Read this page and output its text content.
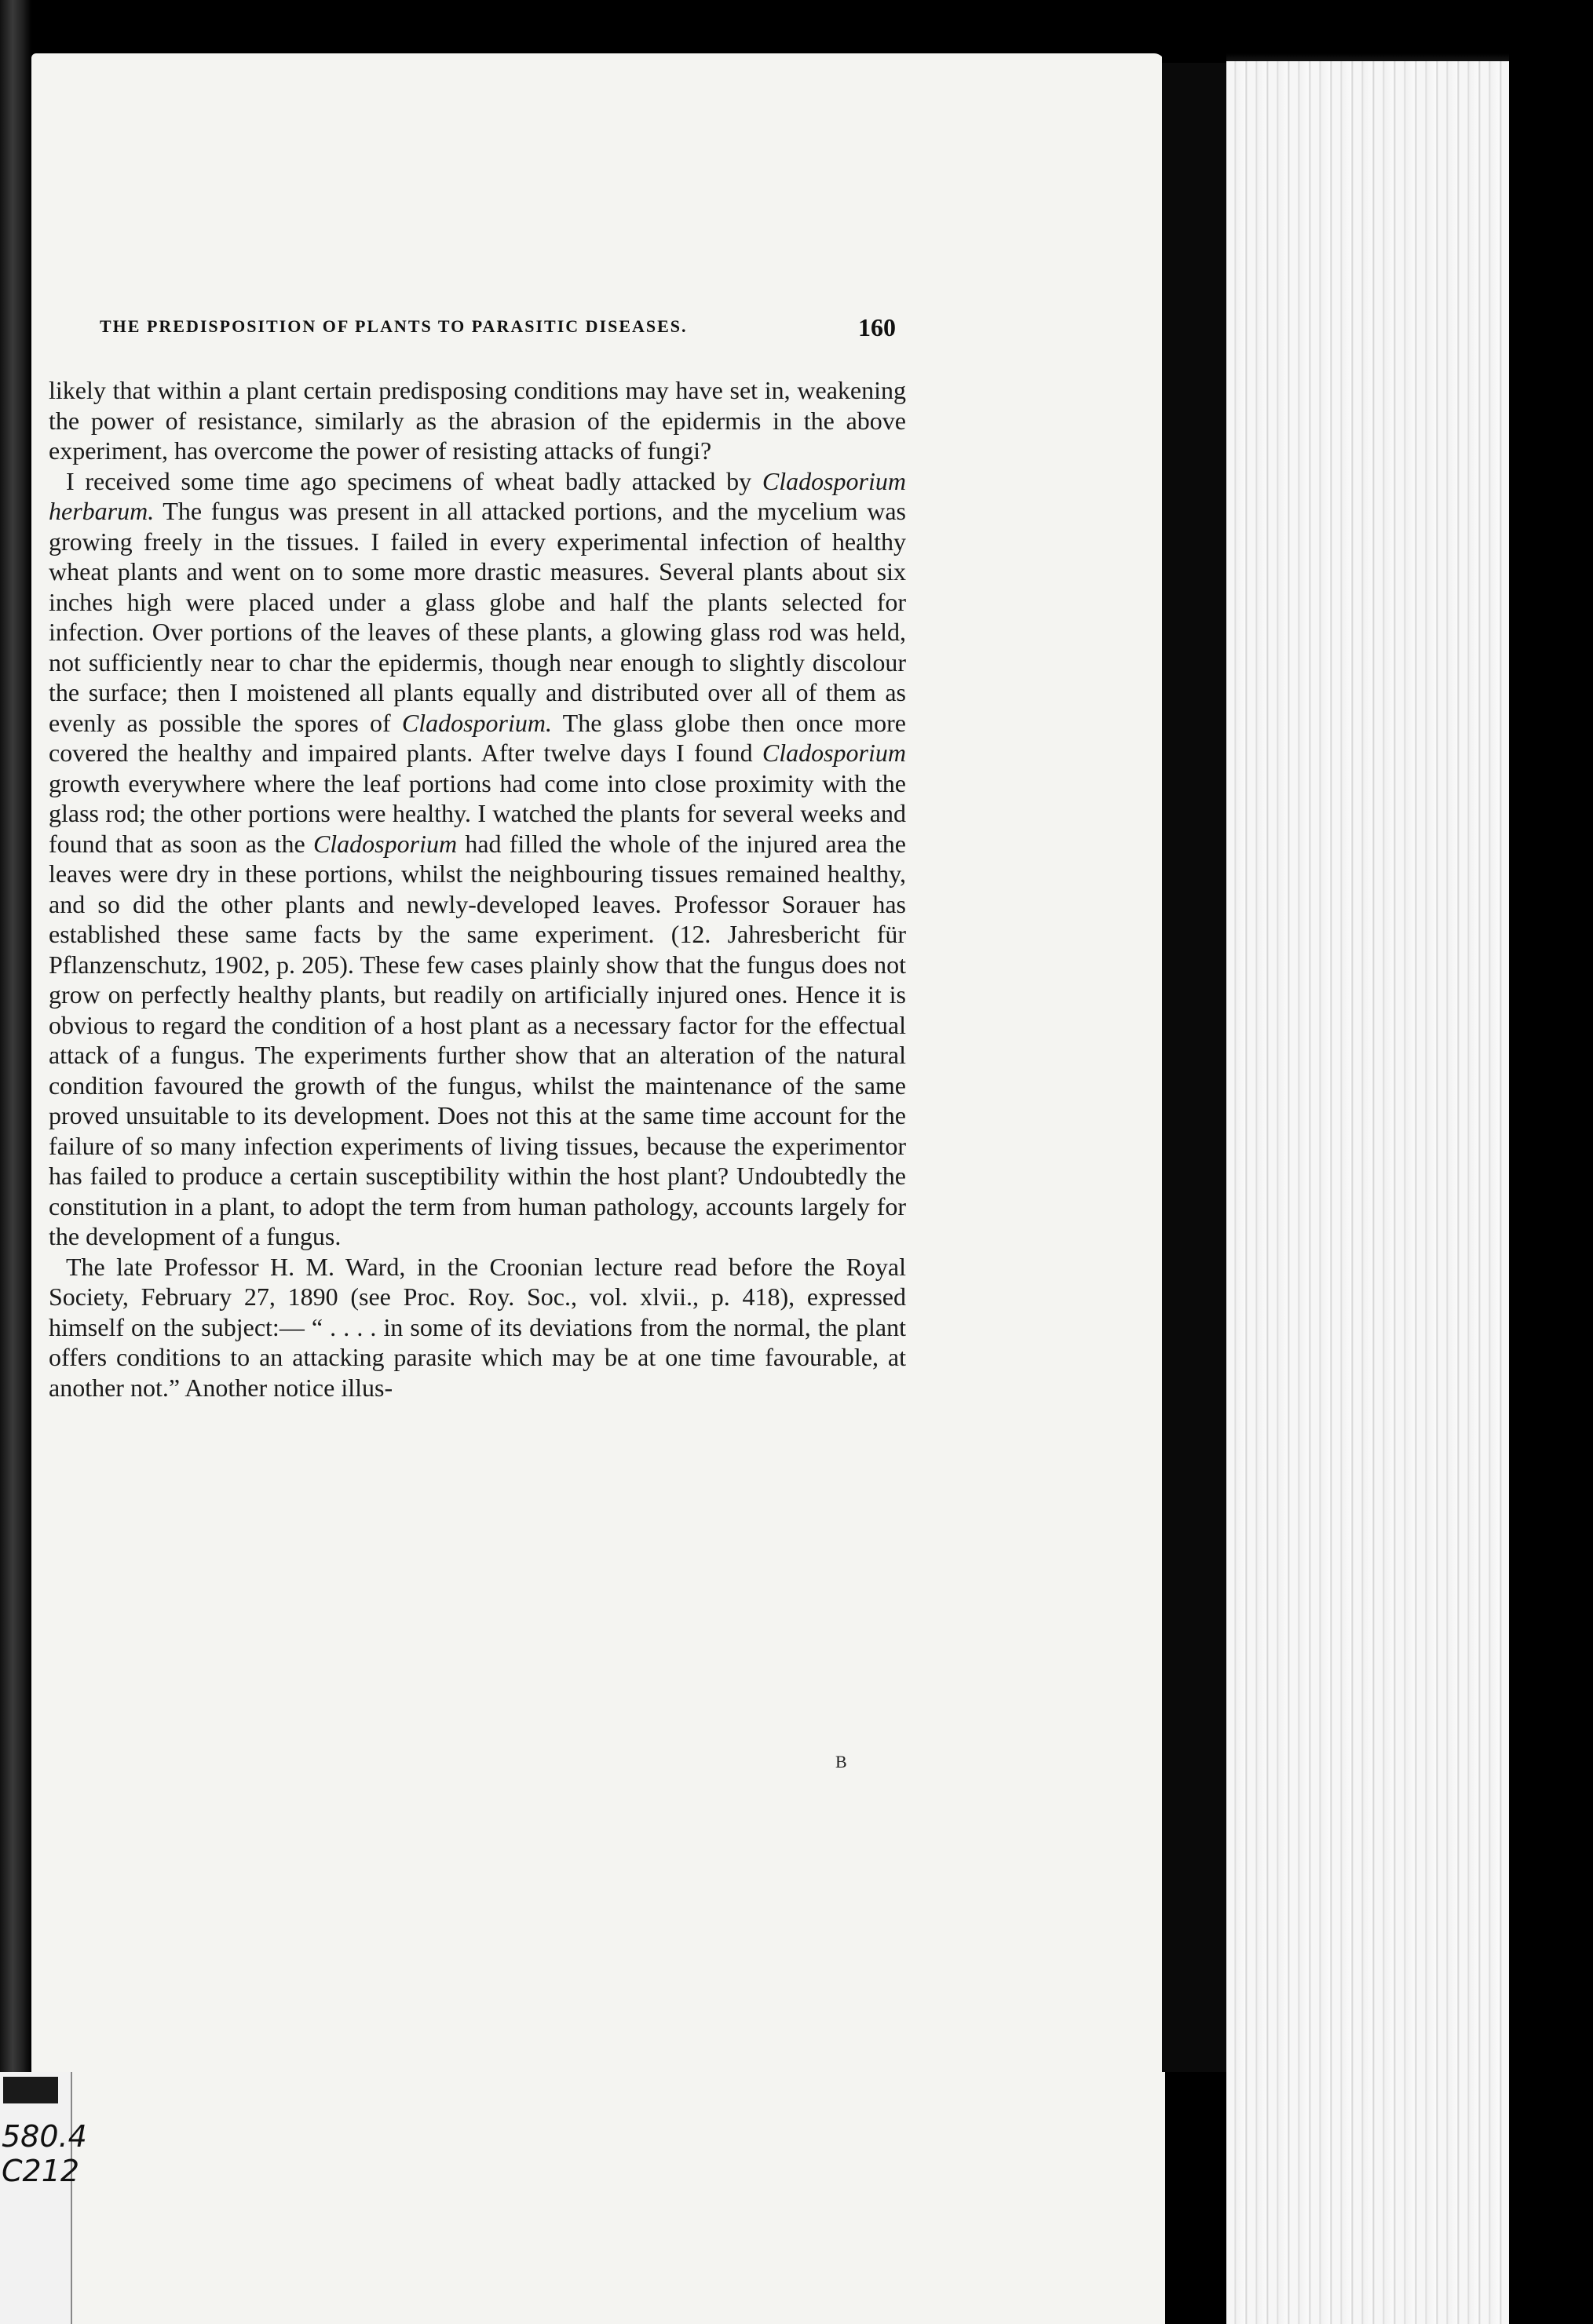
THE PREDISPOSITION OF PLANTS TO PARASITIC DISEASES.	160

likely that within a plant certain predisposing conditions may have set in, weakening the power of resistance, similarly as the abrasion of the epidermis in the above experiment, has overcome the power of resisting attacks of fungi?

I received some time ago specimens of wheat badly attacked by Cladosporium herbarum. The fungus was present in all attacked portions, and the mycelium was growing freely in the tissues. I failed in every experimental infection of healthy wheat plants and went on to some more drastic measures. Several plants about six inches high were placed under a glass globe and half the plants selected for infection. Over portions of the leaves of these plants, a glowing glass rod was held, not sufficiently near to char the epidermis, though near enough to slightly discolour the surface; then I moistened all plants equally and distributed over all of them as evenly as possible the spores of Cladosporium. The glass globe then once more covered the healthy and impaired plants. After twelve days I found Cladosporium growth everywhere where the leaf portions had come into close proximity with the glass rod; the other portions were healthy. I watched the plants for several weeks and found that as soon as the Cladosporium had filled the whole of the injured area the leaves were dry in these portions, whilst the neighbouring tissues remained healthy, and so did the other plants and newly-developed leaves. Professor Sorauer has established these same facts by the same experiment. (12. Jahresbericht für Pflanzenschutz, 1902, p. 205). These few cases plainly show that the fungus does not grow on perfectly healthy plants, but readily on artificially injured ones. Hence it is obvious to regard the condition of a host plant as a necessary factor for the effectual attack of a fungus. The experiments further show that an alteration of the natural condition favoured the growth of the fungus, whilst the maintenance of the same proved unsuitable to its development. Does not this at the same time account for the failure of so many infection experiments of living tissues, because the experimentor has failed to produce a certain susceptibility within the host plant? Undoubtedly the constitution in a plant, to adopt the term from human pathology, accounts largely for the development of a fungus.

The late Professor H. M. Ward, in the Croonian lecture read before the Royal Society, February 27, 1890 (see Proc. Roy. Soc., vol. xlvii., p. 418), expressed himself on the subject:— “ . . . . in some of its deviations from the normal, the plant offers conditions to an attacking parasite which may be at one time favourable, at another not.” Another notice illus-

B
580.4
C212
